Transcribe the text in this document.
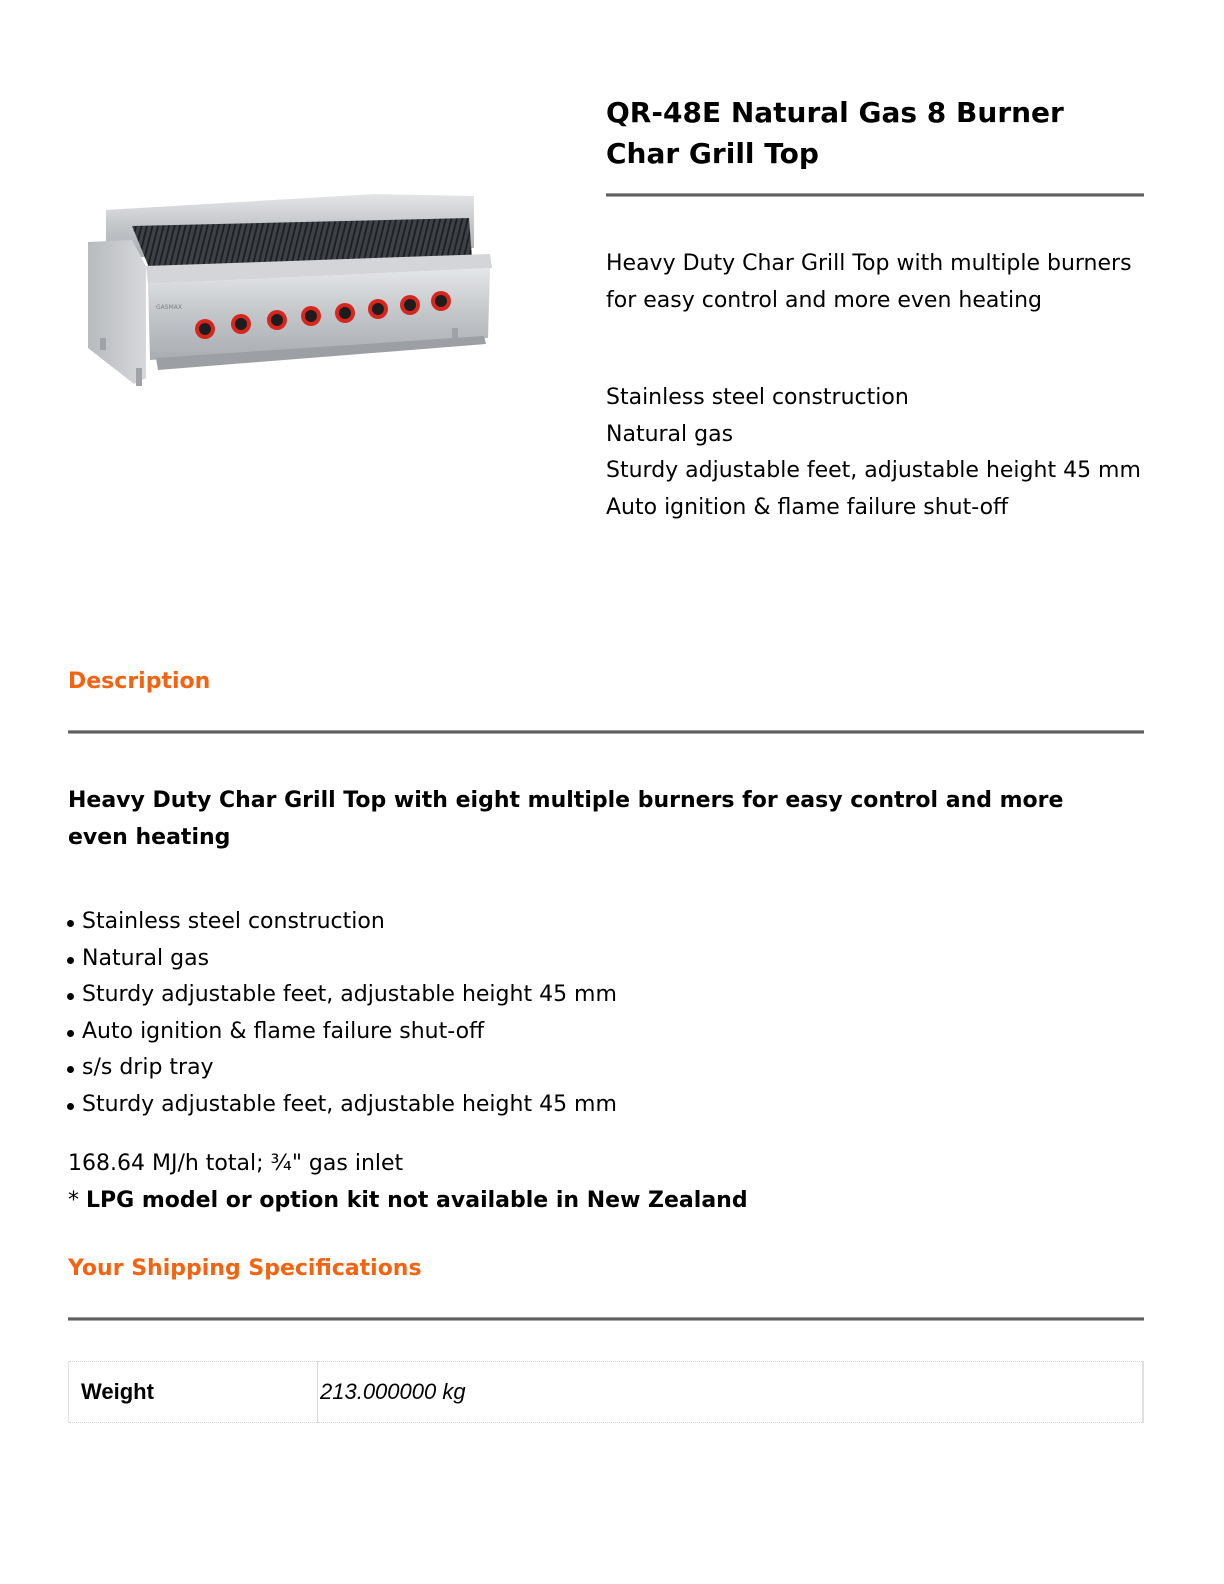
GASMAX
QR-48E Natural Gas 8 Burner Char Grill Top

Heavy Duty Char Grill Top with multiple burners for easy control and more even heating

Stainless steel construction
Natural gas
Sturdy adjustable feet, adjustable height 45 mm
Auto ignition & flame failure shut-off
Description

Heavy Duty Char Grill Top with eight multiple burners for easy control and more even heating

Stainless steel construction
Natural gas
Sturdy adjustable feet, adjustable height 45 mm
Auto ignition & flame failure shut-off
s/s drip tray
Sturdy adjustable feet, adjustable height 45 mm

168.64 MJ/h total; ¾" gas inlet

* LPG model or option kit not available in New Zealand

Your Shipping Specifications
Weight	213.000000 kg
